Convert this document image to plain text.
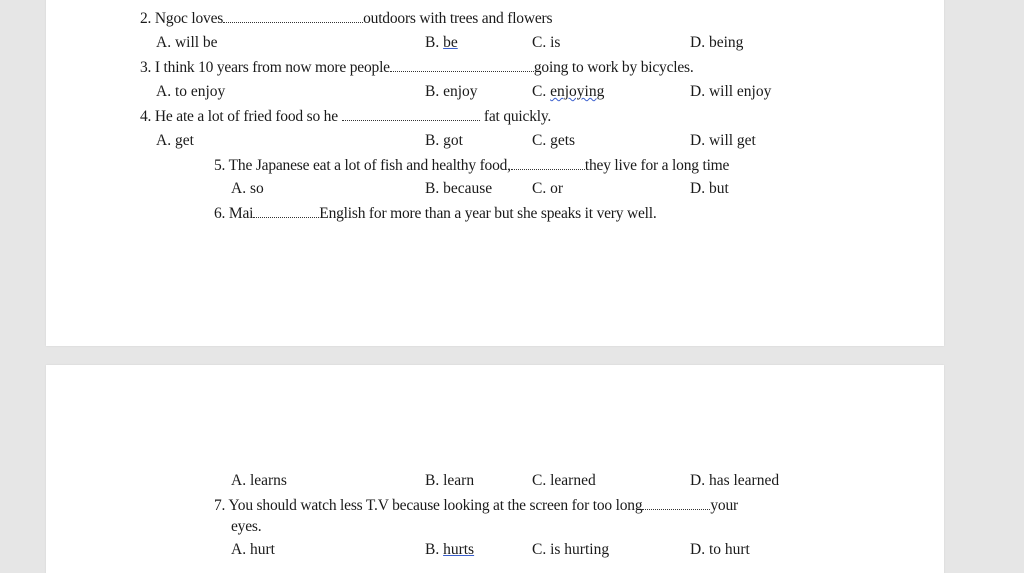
2. Ngoc loves	outdoors with trees and flowers
A. will be	B. be	C. is	D. being
3. I think 10 years from now more people	going to work by bicycles.
A. to enjoy	B. enjoy	C. enjoying	D. will enjoy
4. He ate a lot of fried food so he	fat quickly.
A. get	B. got	C. gets	D. will get
5. The Japanese eat a lot of fish and healthy food,	they live for a long time
A. so	B. because	C. or	D. but
6. Mai	English for more than a year but she speaks it very well.
A. learns	B. learn	C. learned	D. has learned
7. You should watch less T.V because looking at the screen for too long	your
eyes.
A. hurt	B. hurts	C. is hurting	D. to hurt
